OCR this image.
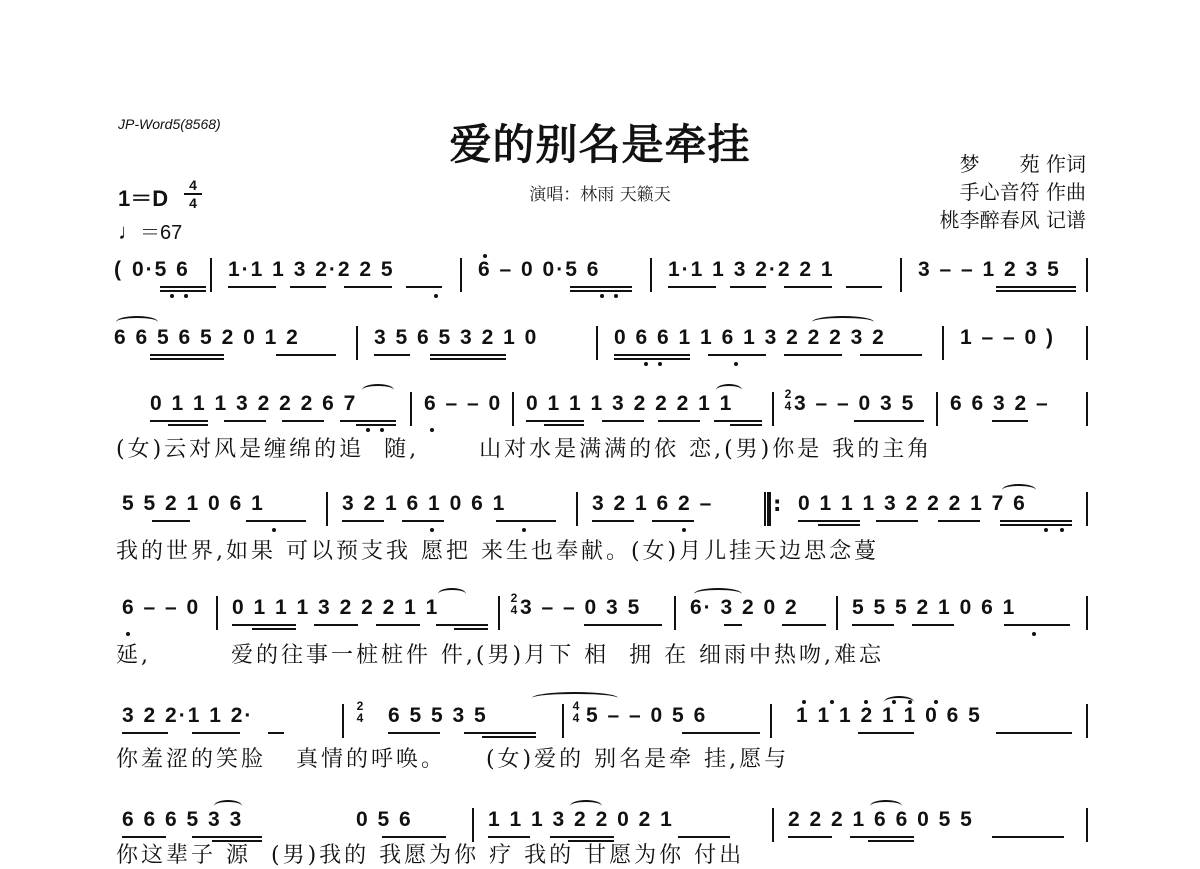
JP-Word5(8568)	爱的别名是牵挂
演唱：林雨 天籁天
梦　　苑 作词
手心音符 作曲
桃李醉春风 记谱
1＝D
4
4
♩＝67
( 0·5 6 1·1 1 3 2·2 2 5	6 – 0 0·5 6	1·1 1 3 2·2 2 1	3 – – 1 2 3 5
6 6 5 6 5 2 0 1 2	3 5 6 5 3 2 1 0	0 6 6 1 1 6 1 3 2 2 2 3 2	1 – – 0 )
0 1 1 1 3 2 2 2 6 7	6 – – 0 0 1 1 1 3 2 2 2 1 1	2
4 3 – – 0 3 5 6 6 3 2 –
(女)云对风是缠绵的追  随,      山对水是满满的依 恋,(男)你是 我的主角
5 5 2 1 0 6 1	3 2 1 6 1 0 6 1	3 2 1 6 2 –	: 0 1 1 1 3 2 2 2 1 7 6
我的世界,如果 可以预支我 愿把 来生也奉献。(女)月儿挂天边思念蔓
6 – – 0 0 1 1 1 3 2 2 2 1 1	2
4 3 – – 0 3 5 6· 3 2 0 2	5 5 5 2 1 0 6 1
延,        爱的往事一桩桩件 件,(男)月下 相  拥 在 细雨中热吻,难忘
3 2 2·1 1 2·	2
4 6 5 5 3 5	4
4 5 – – 0 5 6	1 1 1 2 1 1 0 6 5
你羞涩的笑脸   真情的呼唤。    (女)爱的 别名是牵 挂,愿与
6 6 6 5 3 3	0 5 6	1 1 1 3 2 2 0 2 1	2 2 2 1 6 6 0 5 5
你这辈子 源  (男)我的 我愿为你 疗 我的 甘愿为你 付出
